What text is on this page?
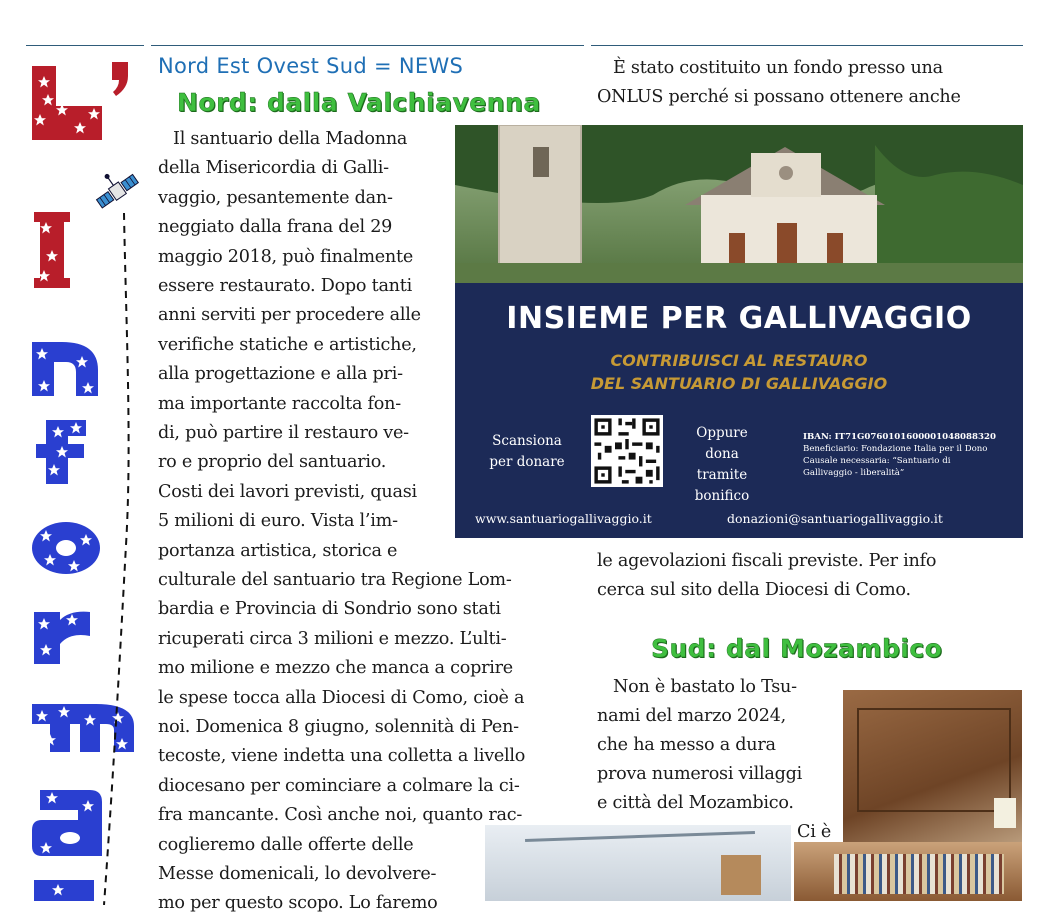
Nord Est Ovest Sud = NEWS
Nord: dalla Valchiavenna
Il santuario della Madonna
della Misericordia di Galli-
vaggio, pesantemente dan-
neggiato dalla frana del 29
maggio 2018, può finalmente
essere restaurato. Dopo tanti
anni serviti per procedere alle
verifiche statiche e artistiche,
alla progettazione e alla pri-
ma importante raccolta fon-
di, può partire il restauro ve-
ro e proprio del santuario.
Costi dei lavori previsti, quasi
5 milioni di euro. Vista l’im-
portanza artistica, storica e
culturale del santuario tra Regione Lom-
bardia e Provincia di Sondrio sono stati
ricuperati circa 3 milioni e mezzo. L’ulti-
mo milione e mezzo che manca a coprire
le spese tocca alla Diocesi di Como, cioè a
noi. Domenica 8 giugno, solennità di Pen-
tecoste, viene indetta una colletta a livello
diocesano per cominciare a colmare la ci-
fra mancante. Così anche noi, quanto rac-
coglieremo dalle offerte delle
Messe domenicali, lo devolvere-
mo per questo scopo. Lo faremo
È stato costituito un fondo presso una
ONLUS perché si possano ottenere anche
INSIEME PER GALLIVAGGIO
CONTRIBUISCI AL RESTAURO
DEL SANTUARIO DI GALLIVAGGIO
Scansiona
per donare
Oppure dona
tramite
bonifico
IBAN: IT71G0760101600001048088320
Beneficiario: Fondazione Italia per il Dono
Causale necessaria: “Santuario di
Gallivaggio - liberalità”
www.santuariogallivaggio.it	donazioni@santuariogallivaggio.it
le agevolazioni fiscali previste. Per info
cerca sul sito della Diocesi di Como.
Sud: dal Mozambico
Non è bastato lo Tsu-
nami del marzo 2024,
che ha messo a dura
prova numerosi villaggi
e città del Mozambico.
Ci è
